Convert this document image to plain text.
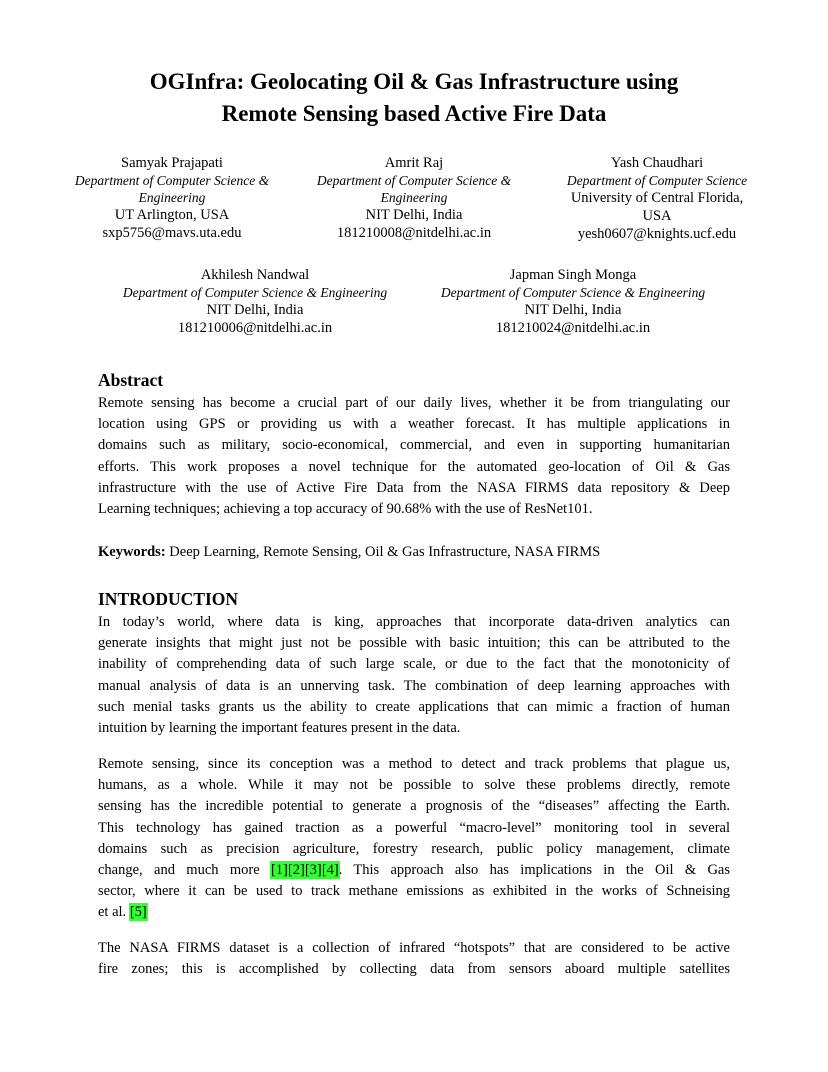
OGInfra: Geolocating Oil & Gas Infrastructure using
Remote Sensing based Active Fire Data
Samyak Prajapati
Department of Computer Science &
Engineering
UT Arlington, USA
sxp5756@mavs.uta.edu
Amrit Raj
Department of Computer Science &
Engineering
NIT Delhi, India
181210008@nitdelhi.ac.in
Yash Chaudhari
Department of Computer Science
University of Central Florida,
USA
yesh0607@knights.ucf.edu
Akhilesh Nandwal
Department of Computer Science & Engineering
NIT Delhi, India
181210006@nitdelhi.ac.in
Japman Singh Monga
Department of Computer Science & Engineering
NIT Delhi, India
181210024@nitdelhi.ac.in
Abstract
Remote sensing has become a crucial part of our daily lives, whether it be from triangulating our
location using GPS or providing us with a weather forecast. It has multiple applications in
domains such as military, socio-economical, commercial, and even in supporting humanitarian
efforts. This work proposes a novel technique for the automated geo-location of Oil & Gas
infrastructure with the use of Active Fire Data from the NASA FIRMS data repository & Deep
Learning techniques; achieving a top accuracy of 90.68% with the use of ResNet101.
Keywords: Deep Learning, Remote Sensing, Oil & Gas Infrastructure, NASA FIRMS
INTRODUCTION
In today’s world, where data is king, approaches that incorporate data-driven analytics can
generate insights that might just not be possible with basic intuition; this can be attributed to the
inability of comprehending data of such large scale, or due to the fact that the monotonicity of
manual analysis of data is an unnerving task. The combination of deep learning approaches with
such menial tasks grants us the ability to create applications that can mimic a fraction of human
intuition by learning the important features present in the data.
Remote sensing, since its conception was a method to detect and track problems that plague us,
humans, as a whole. While it may not be possible to solve these problems directly, remote
sensing has the incredible potential to generate a prognosis of the “diseases” affecting the Earth.
This technology has gained traction as a powerful “macro-level” monitoring tool in several
domains such as precision agriculture, forestry research, public policy management, climate
change, and much more [1][2][3][4]. This approach also has implications in the Oil & Gas
sector, where it can be used to track methane emissions as exhibited in the works of Schneising
et al. [5]
The NASA FIRMS dataset is a collection of infrared “hotspots” that are considered to be active
fire zones; this is accomplished by collecting data from sensors aboard multiple satellites
